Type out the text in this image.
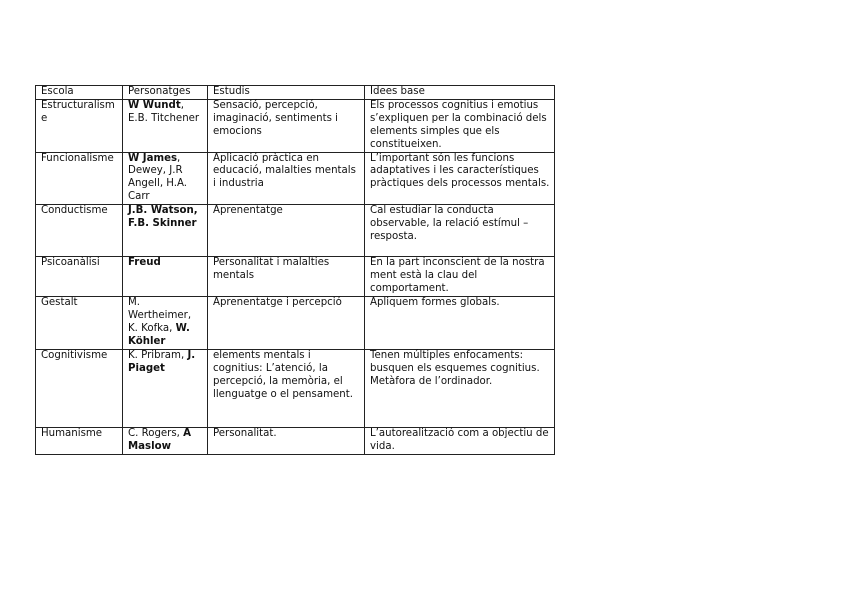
Escola	Personatges	Estudis	Idees base
Estructuralisme	W Wundt, E.B. Titchener	Sensació, percepció, imaginació, sentiments i emocions	Els processos cognitius i emotius s’expliquen per la combinació dels elements simples que els constitueixen.
Funcionalisme	W James, Dewey, J.R Angell, H.A. Carr	Aplicació pràctica en educació, malalties mentals i industria	L’important són les funcions adaptatives i les característiques pràctiques dels processos mentals.
Conductisme	J.B. Watson, F.B. Skinner	Aprenentatge	Cal estudiar la conducta observable, la relació estímul – resposta.
Psicoanàlisi	Freud	Personalitat i malalties mentals	En la part inconscient de la nostra ment està la clau del comportament.
Gestalt	M. Wertheimer, K. Kofka, W. Köhler	Aprenentatge i percepció	Apliquem formes globals.
Cognitivisme	K. Pribram, J. Piaget	elements mentals i cognitius: L’atenció, la percepció, la memòria, el llenguatge o el pensament.	Tenen múltiples enfocaments: busquen els esquemes cognitius. Metàfora de l’ordinador.
Humanisme	C. Rogers, A Maslow	Personalitat.	L’autorealització com a objectiu de vida.
